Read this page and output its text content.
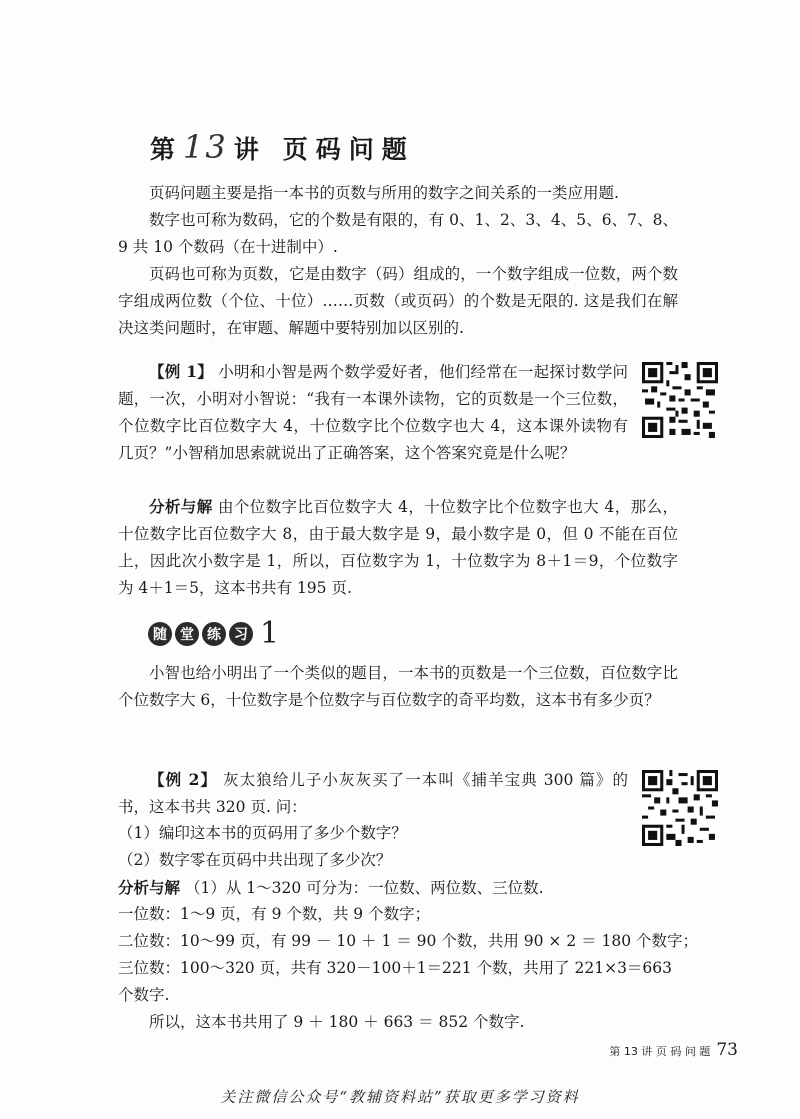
第 13 讲 页码问题

页码问题主要是指一本书的页数与所用的数字之间关系的一类应用题.

数字也可称为数码，它的个数是有限的，有 0、1、2、3、4、5、6、7、8、9 共 10 个数码（在十进制中）.

页码也可称为页数，它是由数字（码）组成的，一个数字组成一位数，两个数字组成两位数（个位、十位）……页数（或页码）的个数是无限的. 这是我们在解决这类问题时，在审题、解题中要特别加以区别的.

【例 1】 小明和小智是两个数学爱好者，他们经常在一起探讨数学问题，一次，小明对小智说：“我有一本课外读物，它的页数是一个三位数，个位数字比百位数字大 4，十位数字比个位数字也大 4，这本课外读物有几页？”小智稍加思索就说出了正确答案，这个答案究竟是什么呢？

分析与解 由个位数字比百位数字大 4，十位数字比个位数字也大 4，那么，十位数字比百位数字大 8，由于最大数字是 9，最小数字是 0，但 0 不能在百位上，因此次小数字是 1，所以，百位数字为 1，十位数字为 8＋1＝9，个位数字为 4＋1＝5，这本书共有 195 页.

随 堂 练 习 1

小智也给小明出了一个类似的题目，一本书的页数是一个三位数，百位数字比个位数字大 6，十位数字是个位数字与百位数字的奇平均数，这本书有多少页？

【例 2】 灰太狼给儿子小灰灰买了一本叫《捕羊宝典 300 篇》的书，这本书共 320 页. 问：

（1）编印这本书的页码用了多少个数字？

（2）数字零在页码中共出现了多少次？

分析与解 （1）从 1～320 可分为：一位数、两位数、三位数.

一位数：1～9 页，有 9 个数，共 9 个数字；

二位数：10～99 页，有 99 － 10 ＋ 1 ＝ 90 个数，共用 90 × 2 ＝ 180 个数字；

三位数：100～320 页，共有 320－100＋1＝221 个数，共用了 221×3＝663

个数字.

所以，这本书共用了 9 ＋ 180 ＋ 663 ＝ 852 个数字.

第 13 讲 页 码 问 题 73
关注微信公众号“教辅资料站”获取更多学习资料
